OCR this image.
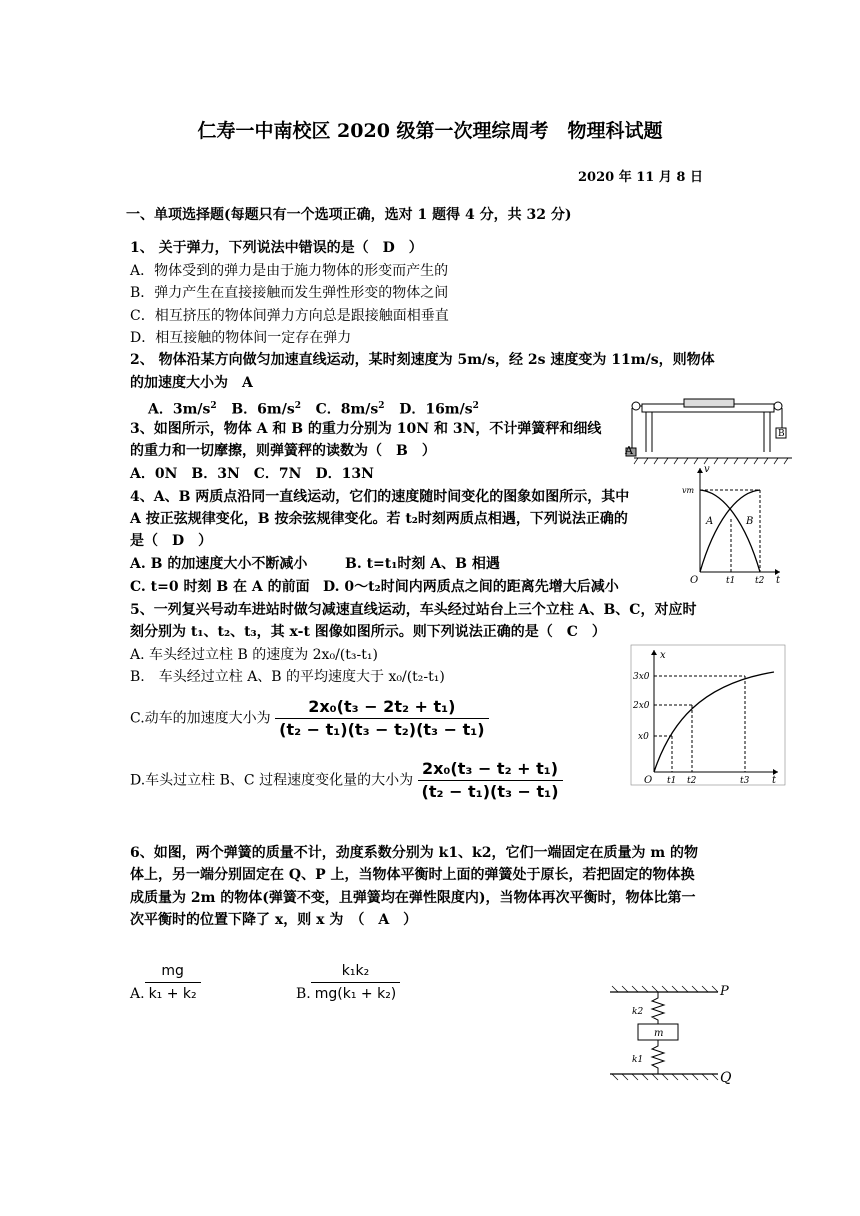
仁寿一中南校区 2020 级第一次理综周考　物理科试题
2020 年 11 月 8 日
一、单项选择题(每题只有一个选项正确，选对 1 题得 4 分，共 32 分)
1、 关于弹力，下列说法中错误的是（　D　）
A．物体受到的弹力是由于施力物体的形变而产生的
B．弹力产生在直接接触而发生弹性形变的物体之间
C．相互挤压的物体间弹力方向总是跟接触面相垂直
D．相互接触的物体间一定存在弹力
2、 物体沿某方向做匀加速直线运动，某时刻速度为 5m/s，经 2s 速度变为 11m/s，则物体
的加速度大小为　A
A．$3m/s^2$ B．$6m/s^2$ C．$8m/s^2$ D．$16m/s^2$
3、如图所示，物体 A 和 B 的重力分别为 10N 和 3N，不计弹簧秤和细线
的重力和一切摩擦，则弹簧秤的读数为（　B　）
A．0N　B．3N　C．7N　D．13N
A
B
4、A、B 两质点沿同一直线运动，它们的速度随时间变化的图象如图所示，其中
A 按正弦规律变化，B 按余弦规律变化。若 t₂时刻两质点相遇，下列说法正确的
是（　D　）
A. B 的加速度大小不断减小	B. t=t₁时刻 A、B 相遇
C. t=0 时刻 B 在 A 的前面 D. 0～t₂时间内两质点之间的距离先增大后减小
v
vm
A	B
O	t1 t2 t
5、一列复兴号动车进站时做匀减速直线运动，车头经过站台上三个立柱 A、B、C，对应时
刻分别为 t₁、t₂、t₃，其 x-t 图像如图所示。则下列说法正确的是（　C　）
A. 车头经过立柱 B 的速度为 2x₀/(t₃-t₁)
B.　车头经过立柱 A、B 的平均速度大于 x₀/(t₂-t₁)
C.动车的加速度大小为 $\frac{\text{2x₀(t₃ − 2t₂ + t₁)}}{\text{(t₂ − t₁)(t₃ − t₂)(t₃ − t₁)}}$
D.车头过立柱 B、C 过程速度变化量的大小为 $\frac{\text{2x₀(t₃ − t₂ + t₁)}}{\text{(t₂ − t₁)(t₃ − t₁)}}$
x
3x0
2x0
x0
O t1 t2	t3 t
6、如图，两个弹簧的质量不计，劲度系数分别为 k1、k2，它们一端固定在质量为 m 的物
体上，另一端分别固定在 Q、P 上，当物体平衡时上面的弹簧处于原长，若把固定的物体换
成质量为 2m 的物体(弹簧不变，且弹簧均在弹性限度内)，当物体再次平衡时，物体比第一
次平衡时的位置下降了 x，则 x 为　（　A　）
A. $\frac{mg}{\text{k₁ + k₂}}$	B. $\frac{\text{k₁k₂}}{\text{mg(k₁ + k₂)}}$	P
Q
k2
k1
m
